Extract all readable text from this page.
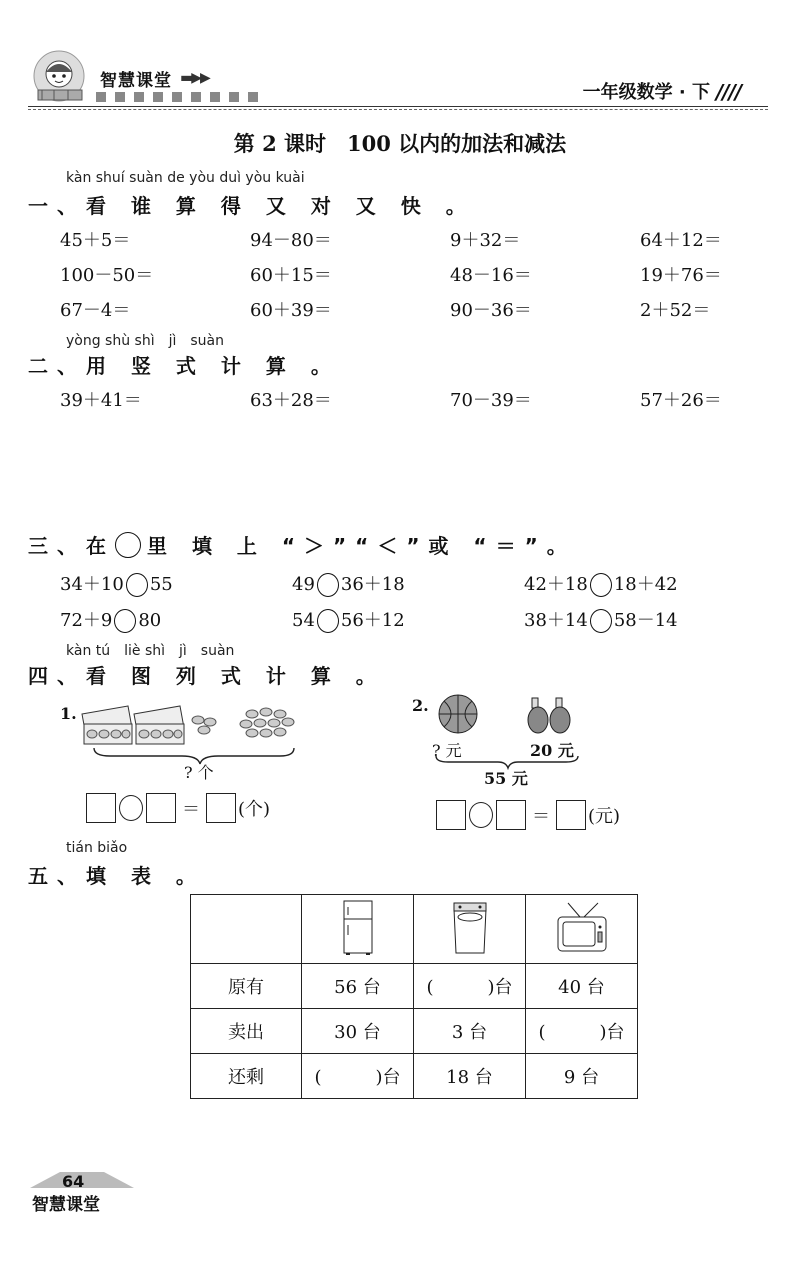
智慧课堂 ▬▶▶
一年级数学 · 下 ////
第 2 课时　100 以内的加法和减法
kàn shuí suàn de yòu duì yòu kuài
一、看 谁 算 得 又 对 又 快 。
45＋5＝	94－80＝	9＋32＝	64＋12＝
100－50＝	60＋15＝	48－16＝	19＋76＝
67－4＝	60＋39＝	90－36＝	2＋52＝
yòng shù shì　jì　suàn
二、用 竖 式 计 算 。
39＋41＝	63＋28＝	70－39＝	57＋26＝
三、在 里 填 上 “＞”“＜”或 “＝”。
34＋10 55	49 36＋18	42＋18 18＋42
72＋9 80	54 56＋12	38＋14 58－14
kàn tú　liè shì　jì　suàn
四、看 图 列 式 计 算 。
1.
? 个
＝ (个)
2.
? 元	20 元
55 元
＝ (元)
tián biǎo
五、填 表 。

原有	56 台	(　　　)台	40 台
卖出	30 台	3 台	(　　　)台
还剩	(　　　)台	18 台	9 台
64
智慧课堂
